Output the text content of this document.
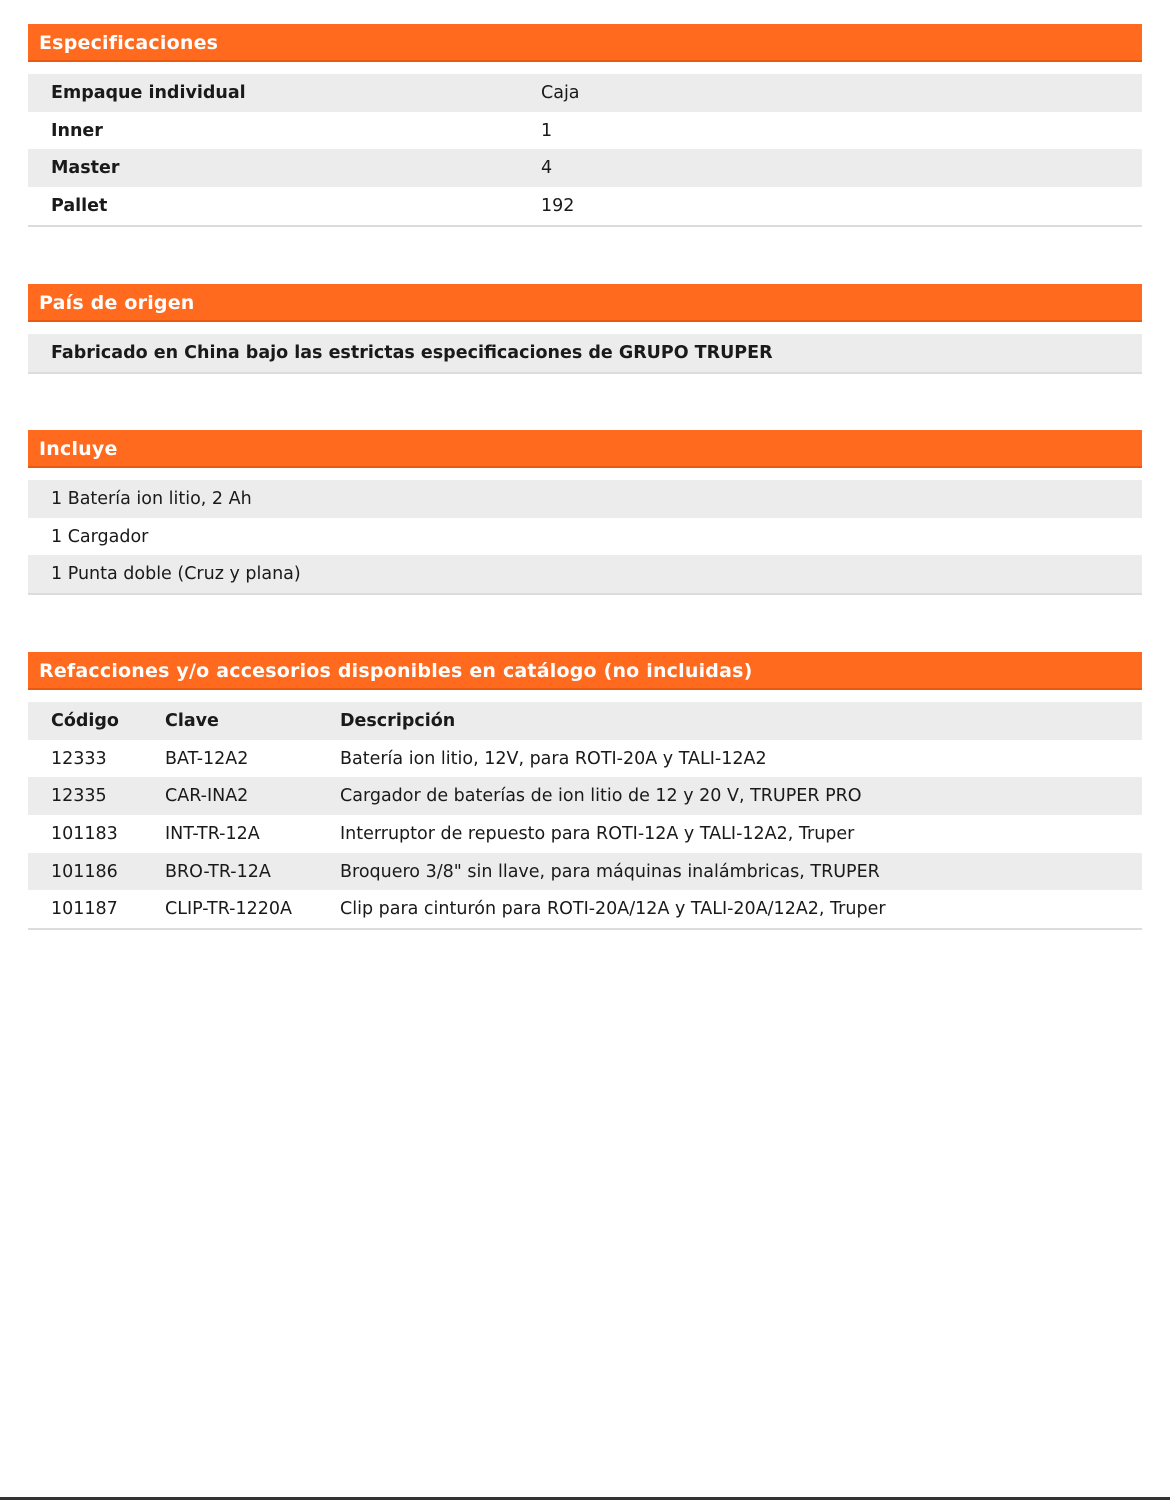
Especificaciones
Empaque individual	Caja
Inner	1
Master	4
Pallet	192
País de origen
Fabricado en China bajo las estrictas especificaciones de GRUPO TRUPER
Incluye
1 Batería ion litio, 2 Ah
1 Cargador
1 Punta doble (Cruz y plana)
Refacciones y/o accesorios disponibles en catálogo (no incluidas)
Código	Clave	Descripción
12333	BAT-12A2	Batería ion litio, 12V, para ROTI-20A y TALI-12A2
12335	CAR-INA2	Cargador de baterías de ion litio de 12 y 20 V, TRUPER PRO
101183	INT-TR-12A	Interruptor de repuesto para ROTI-12A y TALI-12A2, Truper
101186	BRO-TR-12A	Broquero 3/8" sin llave, para máquinas inalámbricas, TRUPER
101187	CLIP-TR-1220A	Clip para cinturón para ROTI-20A/12A y TALI-20A/12A2, Truper
